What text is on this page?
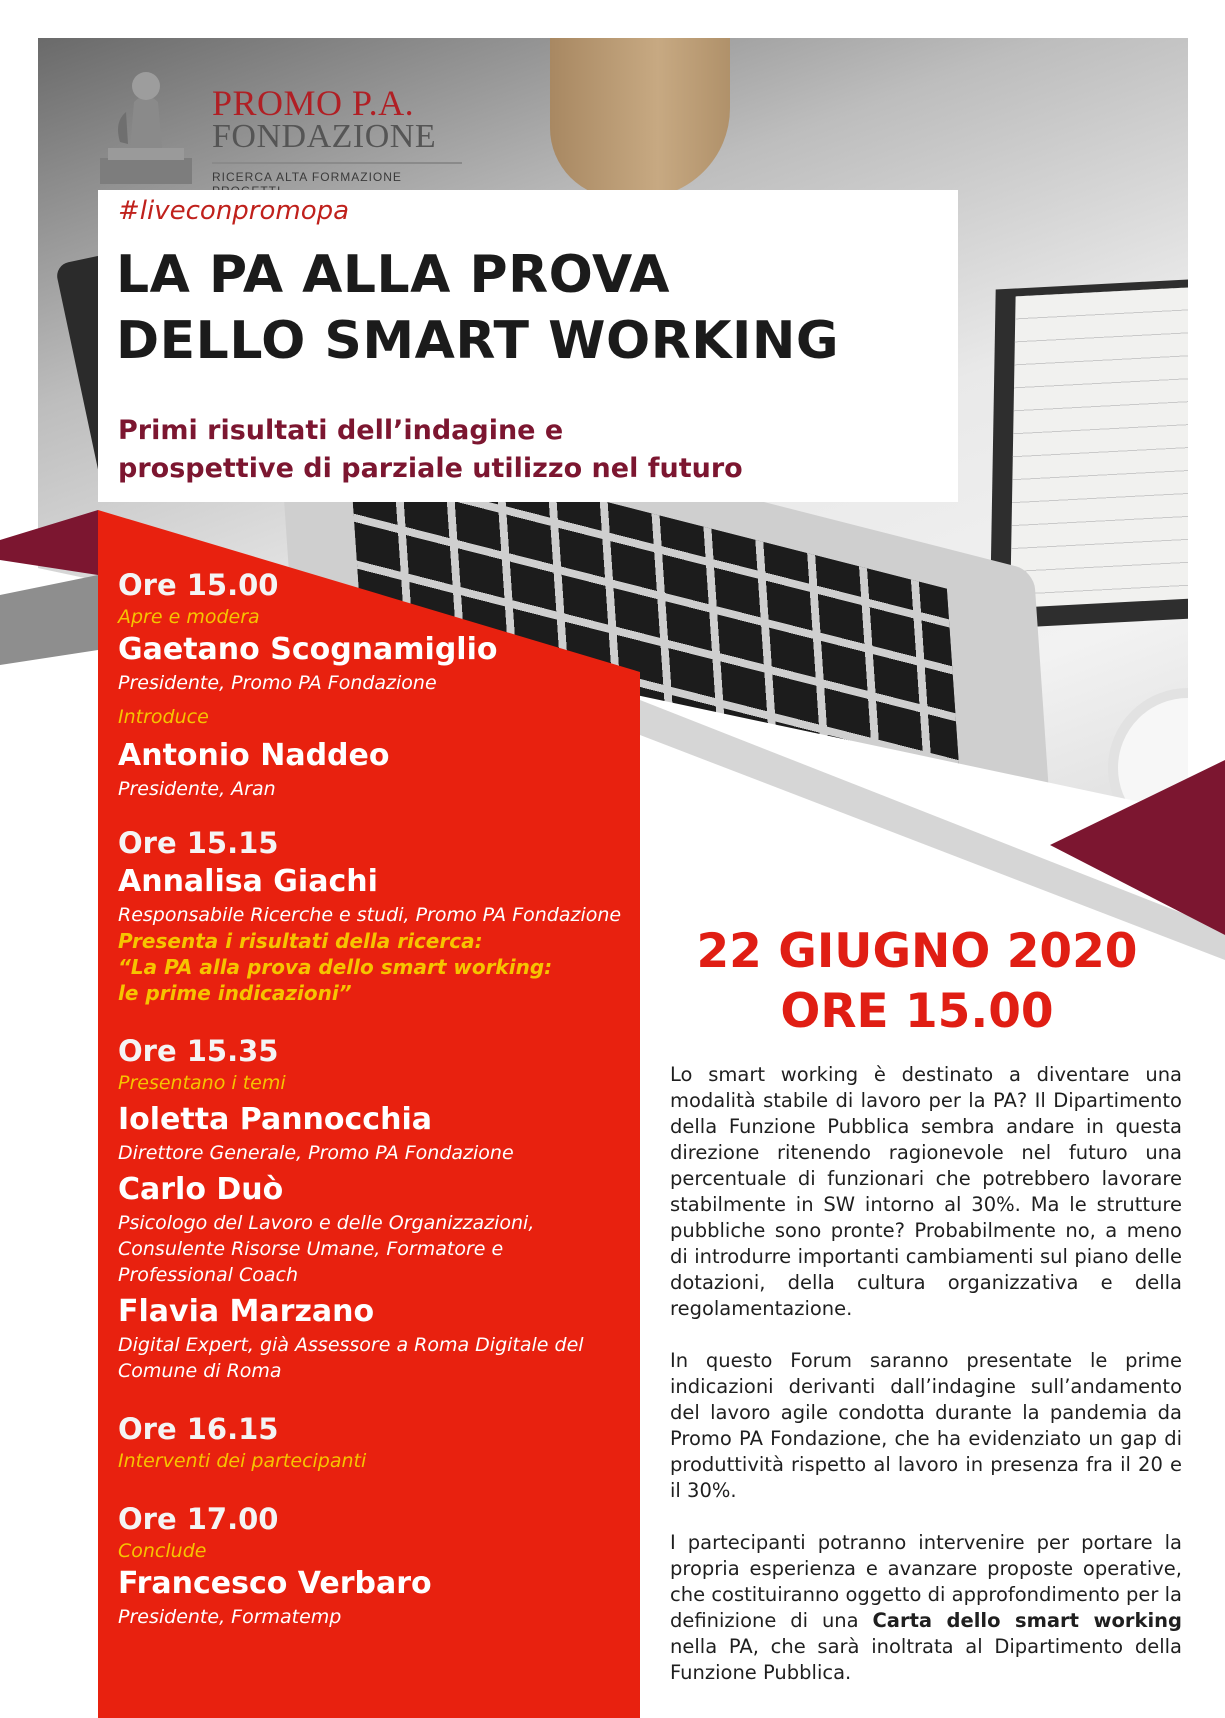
PROMO P.A.
FONDAZIONE
RICERCA ALTA FORMAZIONE
#liveconpromopa
LA PA ALLA PROVA
DELLO SMART WORKING
Primi risultati dell’indagine e
prospettive di parziale utilizzo nel futuro

Ore 15.00

Apre e modera

Gaetano Scognamiglio

Presidente, Promo PA Fondazione

Introduce

Antonio Naddeo

Presidente, Aran

Ore 15.15

Annalisa Giachi

Responsabile Ricerche e studi, Promo PA Fondazione

Presenta i risultati della ricerca:

“La PA alla prova dello smart working:

le prime indicazioni”

Ore 15.35

Presentano i temi

Ioletta Pannocchia

Direttore Generale, Promo PA Fondazione

Carlo Duò

Psicologo del Lavoro e delle Organizzazioni,

Consulente Risorse Umane, Formatore e

Professional Coach

Flavia Marzano

Digital Expert, già Assessore a Roma Digitale del

Comune di Roma

Ore 16.15

Interventi dei partecipanti

Ore 17.00

Conclude

Francesco Verbaro

Presidente, Formatemp

22 GIUGNO 2020
ORE 15.00

Lo smart working è destinato a diventare una modalità stabile di lavoro per la PA? Il Dipartimento della Funzione Pubblica sembra andare in questa direzione ritenendo ragionevole nel futuro una percentuale di funzionari che potrebbero lavorare stabilmente in SW intorno al 30%. Ma le strutture pubbliche sono pronte? Probabilmente no, a meno di introdurre importanti cambiamenti sul piano delle dotazioni, della cultura organizzativa e della regolamentazione.

In questo Forum saranno presentate le prime indicazioni derivanti dall’indagine sull’andamento del lavoro agile condotta durante la pandemia da Promo PA Fondazione, che ha evidenziato un gap di produttività rispetto al lavoro in presenza fra il 20 e il 30%.

I partecipanti potranno intervenire per portare la propria esperienza e avanzare proposte operative, che costituiranno oggetto di approfondimento per la definizione di una Carta dello smart working nella PA, che sarà inoltrata al Dipartimento della Funzione Pubblica.
